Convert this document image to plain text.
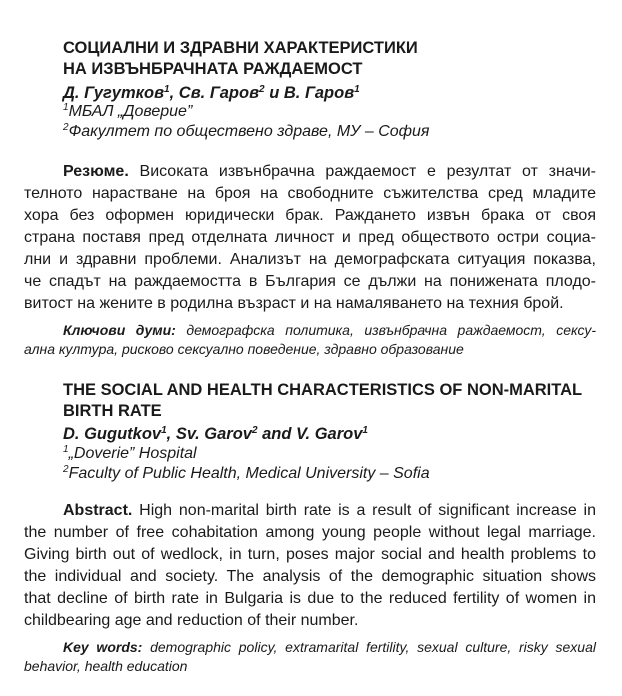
СОЦИАЛНИ И ЗДРАВНИ ХАРАКТЕРИСТИКИ
НА ИЗВЪНБРАЧНАТА РАЖДАЕМОСТ
Д. Гугутков$^1$, Св. Гаров$^2$ и В. Гаров$^1$
$^1$МБАЛ „Доверие”
$^2$Факултет по обществено здраве, МУ – София
Резюме. Високата извънбрачна раждаемост е резултат от значи-
телното нарастване на броя на свободните съжителства сред младите
хора без оформен юридически брак. Раждането извън брака от своя
страна поставя пред отделната личност и пред обществото остри социа-
лни и здравни проблеми. Анализът на демографската ситуация показва,
че спадът на раждаемостта в България се дължи на понижената плодо-
витост на жените в родилна възраст и на намаляването на техния брой.
Ключови думи: демографска политика, извънбрачна раждаемост, сексу-
ална култура, рисково сексуално поведение, здравно образование
THE SOCIAL AND HEALTH CHARACTERISTICS OF NON-MARITAL
BIRTH RATE
D. Gugutkov$^1$, Sv. Garov$^2$ and V. Garov$^1$
$^1$„Doverie” Hospital
$^2$Faculty of Public Health, Medical University – Sofia
Abstract. High non-marital birth rate is a result of significant increase in
the number of free cohabitation among young people without legal marriage.
Giving birth out of wedlock, in turn, poses major social and health problems to
the individual and society. The analysis of the demographic situation shows
that decline of birth rate in Bulgaria is due to the reduced fertility of women in
childbearing age and reduction of their number.
Key words: demographic policy, extramarital fertility, sexual culture, risky sexual
behavior, health education
